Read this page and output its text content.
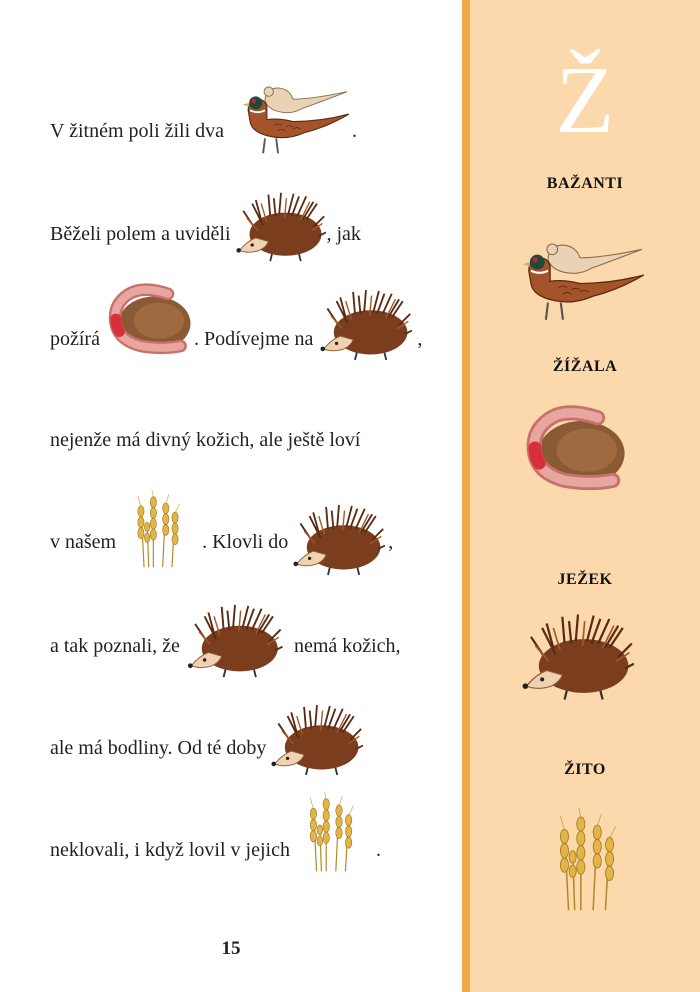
V žitném poli žili dva	.
Běželi polem a uviděli	, jak
požírá	. Podívejme na	,
nejenže má divný kožich, ale ještě loví
v našem	. Klovli do	,
a tak poznali, že	nemá kožich,
ale má bodliny. Od té doby
neklovali, i když lovil v jejich	.
15
Ž
BAŽANTI
ŽÍŽALA
JEŽEK
ŽITO
